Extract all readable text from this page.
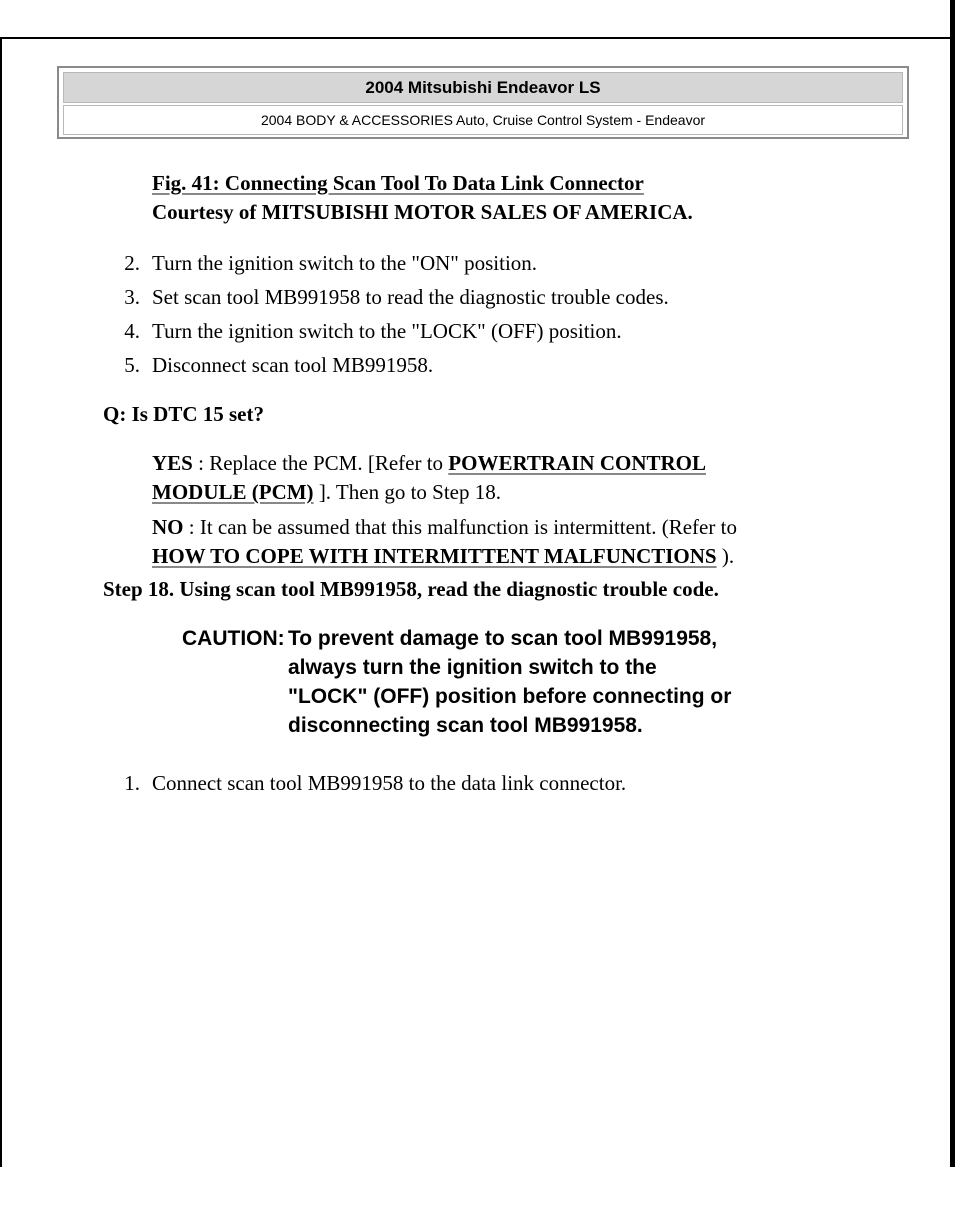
2004 Mitsubishi Endeavor LS
2004 BODY & ACCESSORIES Auto, Cruise Control System - Endeavor
Fig. 41: Connecting Scan Tool To Data Link Connector
Courtesy of MITSUBISHI MOTOR SALES OF AMERICA.
2. Turn the ignition switch to the "ON" position.
3. Set scan tool MB991958 to read the diagnostic trouble codes.
4. Turn the ignition switch to the "LOCK" (OFF) position.
5. Disconnect scan tool MB991958.
Q: Is DTC 15 set?
YES : Replace the PCM. [Refer to POWERTRAIN CONTROL
MODULE (PCM) ]. Then go to Step 18.
NO : It can be assumed that this malfunction is intermittent. (Refer to
HOW TO COPE WITH INTERMITTENT MALFUNCTIONS ).
Step 18. Using scan tool MB991958, read the diagnostic trouble code.
CAUTION: To prevent damage to scan tool MB991958,
always turn the ignition switch to the
"LOCK" (OFF) position before connecting or
disconnecting scan tool MB991958.
1. Connect scan tool MB991958 to the data link connector.
